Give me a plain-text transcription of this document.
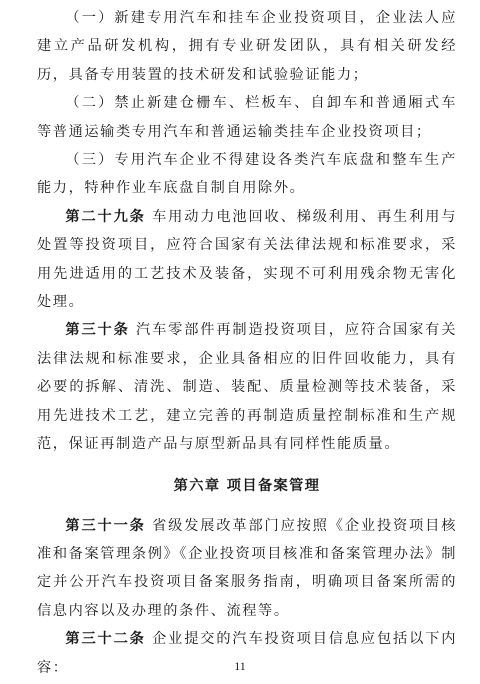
（一）新建专用汽车和挂车企业投资项目，企业法人应建立产品研发机构，拥有专业研发团队，具有相关研发经历，具备专用装置的技术研发和试验验证能力；

（二）禁止新建仓栅车、栏板车、自卸车和普通厢式车等普通运输类专用汽车和普通运输类挂车企业投资项目；

（三）专用汽车企业不得建设各类汽车底盘和整车生产能力，特种作业车底盘自制自用除外。

第二十九条 车用动力电池回收、梯级利用、再生利用与处置等投资项目，应符合国家有关法律法规和标准要求，采用先进适用的工艺技术及装备，实现不可利用残余物无害化处理。

第三十条 汽车零部件再制造投资项目，应符合国家有关法律法规和标准要求，企业具备相应的旧件回收能力，具有必要的拆解、清洗、制造、装配、质量检测等技术装备，采用先进技术工艺，建立完善的再制造质量控制标准和生产规范，保证再制造产品与原型新品具有同样性能质量。

第六章 项目备案管理

第三十一条 省级发展改革部门应按照《企业投资项目核准和备案管理条例》《企业投资项目核准和备案管理办法》制定并公开汽车投资项目备案服务指南，明确项目备案所需的信息内容以及办理的条件、流程等。

第三十二条 企业提交的汽车投资项目信息应包括以下内容：	11
